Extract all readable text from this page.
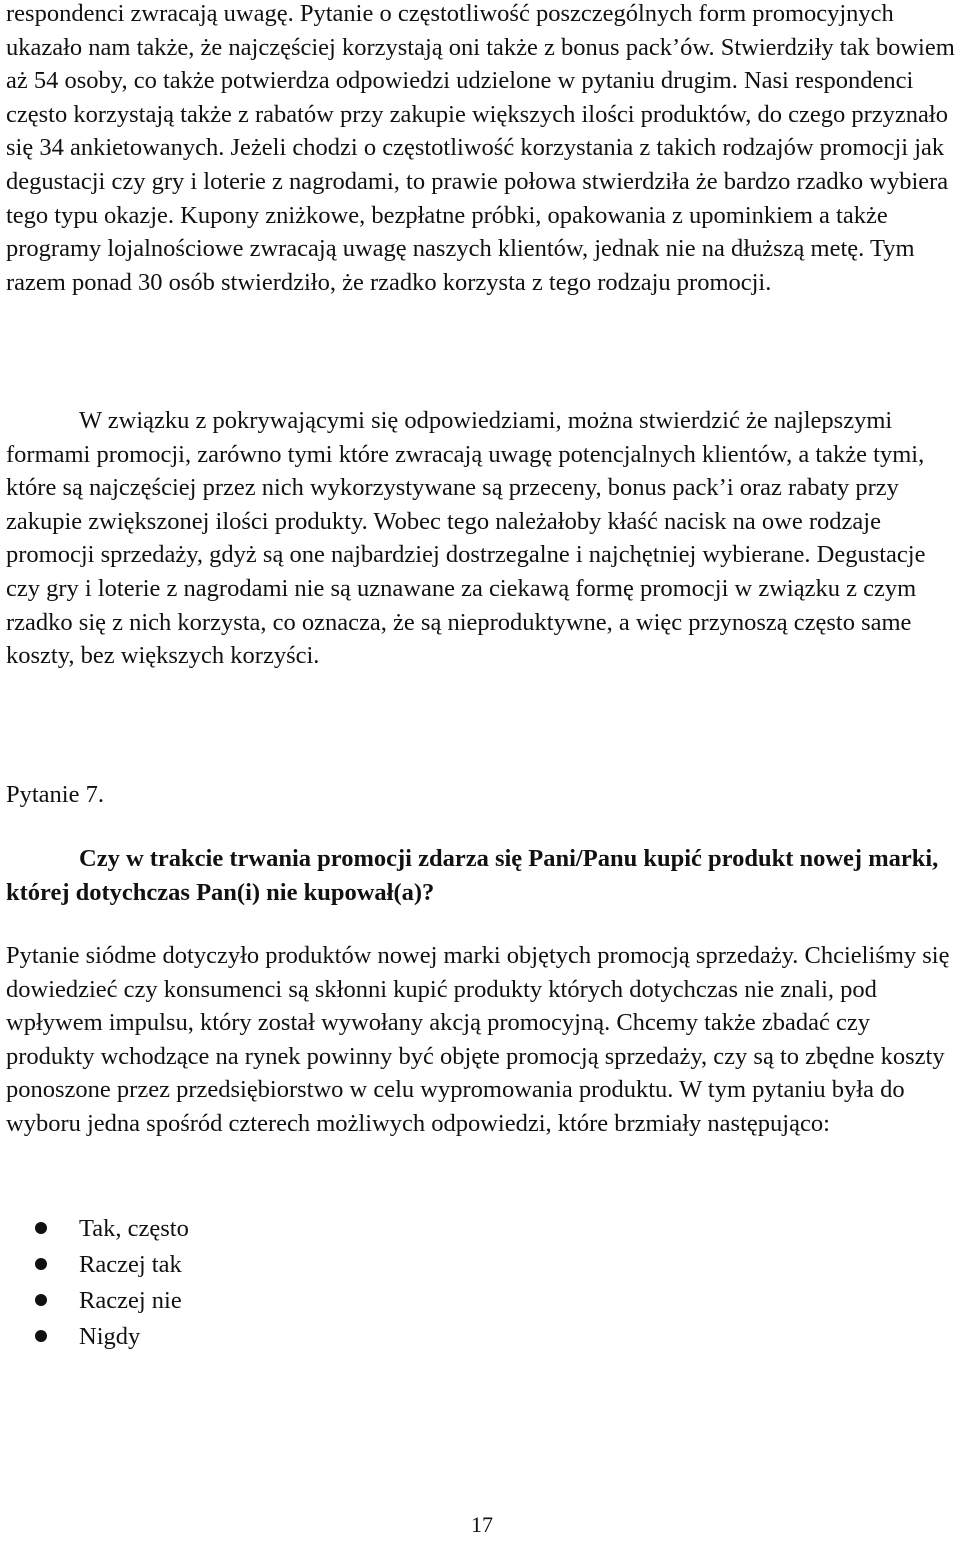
respondenci zwracają uwagę. Pytanie o częstotliwość poszczególnych form promocyjnych ukazało nam także, że najczęściej korzystają oni także z bonus pack’ów. Stwierdziły tak bowiem aż 54 osoby, co także potwierdza odpowiedzi udzielone w pytaniu drugim. Nasi respondenci często korzystają także z rabatów przy zakupie większych ilości produktów, do czego przyznało się 34 ankietowanych. Jeżeli chodzi o częstotliwość korzystania z takich rodzajów promocji jak degustacji czy gry i loterie z nagrodami, to prawie połowa stwierdziła że bardzo rzadko wybiera tego typu okazje. Kupony zniżkowe, bezpłatne próbki, opakowania z upominkiem a także programy lojalnościowe zwracają uwagę naszych klientów, jednak nie na dłuższą metę. Tym razem ponad 30 osób stwierdziło, że rzadko korzysta z tego rodzaju promocji.

W związku z pokrywającymi się odpowiedziami, można stwierdzić że najlepszymi formami promocji, zarówno tymi które zwracają uwagę potencjalnych klientów, a także tymi, które są najczęściej przez nich wykorzystywane są przeceny, bonus pack’i oraz rabaty przy zakupie zwiększonej ilości produkty. Wobec tego należałoby kłaść nacisk na owe rodzaje promocji sprzedaży, gdyż są one najbardziej dostrzegalne i najchętniej wybierane. Degustacje czy gry i loterie z nagrodami nie są uznawane za ciekawą formę promocji w związku z czym rzadko się z nich korzysta, co oznacza, że są nieproduktywne, a więc przynoszą często same koszty, bez większych korzyści.

Pytanie 7.

Czy w trakcie trwania promocji zdarza się Pani/Panu kupić produkt nowej marki, której dotychczas Pan(i) nie kupował(a)?

Pytanie siódme dotyczyło produktów nowej marki objętych promocją sprzedaży. Chcieliśmy się dowiedzieć czy konsumenci są skłonni kupić produkty których dotychczas nie znali, pod wpływem impulsu, który został wywołany akcją promocyjną. Chcemy także zbadać czy produkty wchodzące na rynek powinny być objęte promocją sprzedaży, czy są to zbędne koszty ponoszone przez przedsiębiorstwo w celu wypromowania produktu. W tym pytaniu była do wyboru jedna spośród czterech możliwych odpowiedzi, które brzmiały następująco:

Tak, często
Raczej tak
Raczej nie
Nigdy
17
